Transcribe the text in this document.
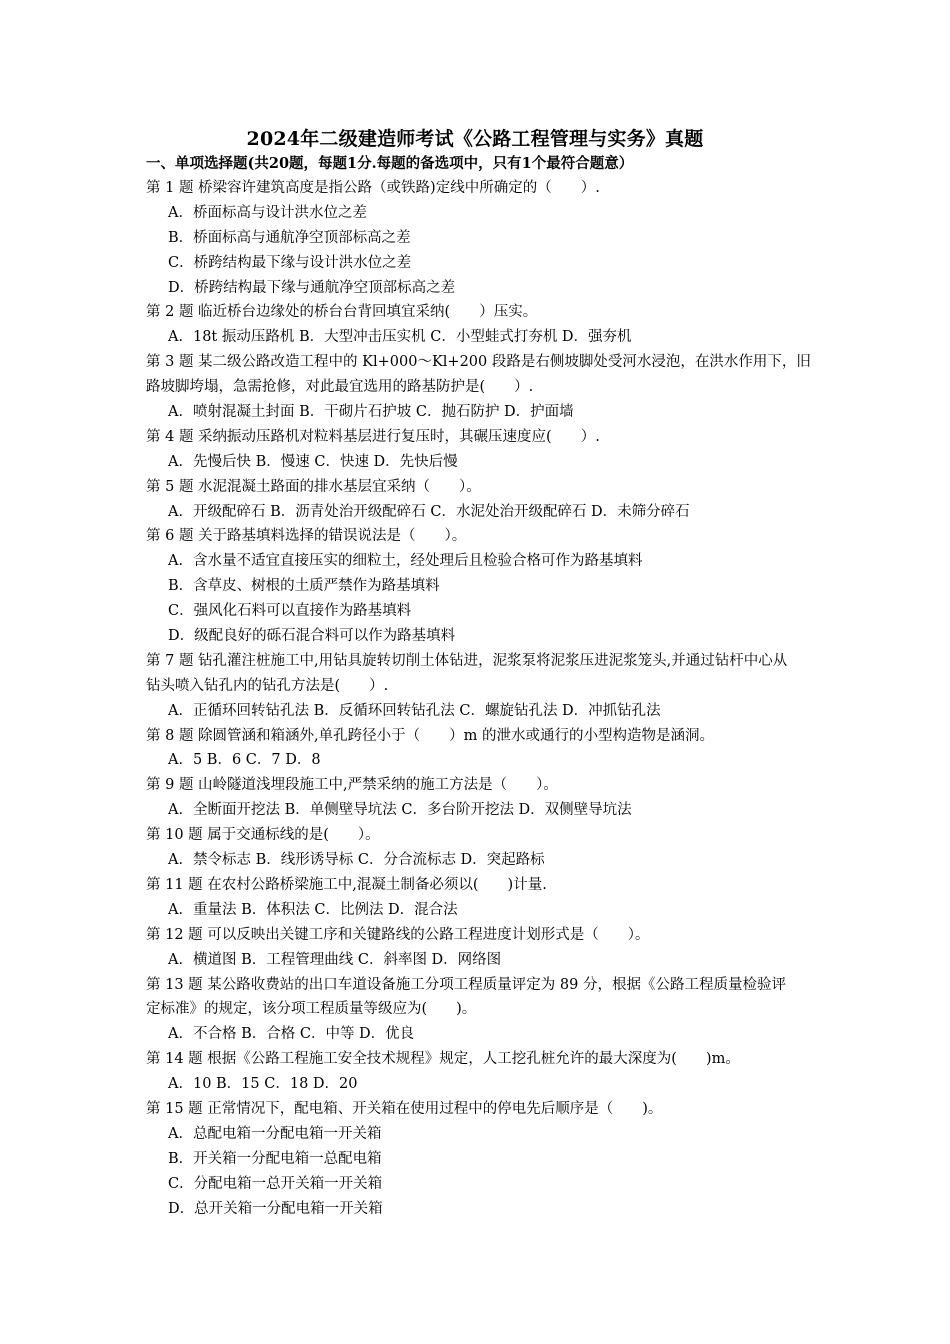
2024年二级建造师考试《公路工程管理与实务》真题
一、单项选择题(共20题，每题1分.每题的备选项中，只有1个最符合题意）
第 1 题 桥梁容许建筑高度是指公路（或铁路)定线中所确定的（　　）.
A．桥面标高与设计洪水位之差
B．桥面标高与通航净空顶部标高之差
C．桥跨结构最下缘与设计洪水位之差
D．桥跨结构最下缘与通航净空顶部标高之差
第 2 题 临近桥台边缘处的桥台台背回填宜采纳(　　）压实。
A．18t 振动压路机 B．大型冲击压实机 C．小型蛙式打夯机 D．强夯机
第 3 题 某二级公路改造工程中的 Kl+000～Kl+200 段路是右侧坡脚处受河水浸泡，在洪水作用下，旧
路坡脚垮塌，急需抢修，对此最宜选用的路基防护是(　　）.
A．喷射混凝土封面 B．干砌片石护坡 C．抛石防护 D．护面墙
第 4 题 采纳振动压路机对粒料基层进行复压时，其碾压速度应(　　）.
A．先慢后快 B．慢速 C．快速 D．先快后慢
第 5 题 水泥混凝土路面的排水基层宜采纳（　　）。
A．开级配碎石 B．沥青处治开级配碎石 C．水泥处治开级配碎石 D．未筛分碎石
第 6 题 关于路基填料选择的错误说法是（　　）。
A．含水量不适宜直接压实的细粒土，经处理后且检验合格可作为路基填料
B．含草皮、树根的土质严禁作为路基填料
C．强风化石料可以直接作为路基填料
D．级配良好的砾石混合料可以作为路基填料
第 7 题 钻孔灌注桩施工中,用钻具旋转切削土体钻进，泥浆泵将泥浆压进泥浆笼头,并通过钻杆中心从
钻头喷入钻孔内的钻孔方法是(　　）.
A．正循环回转钻孔法 B．反循环回转钻孔法 C．螺旋钻孔法 D．冲抓钻孔法
第 8 题 除圆管涵和箱涵外,单孔跨径小于（　　）m 的泄水或通行的小型构造物是涵洞。
A．5 B．6 C．7 D．8
第 9 题 山岭隧道浅埋段施工中,严禁采纳的施工方法是（　　）。
A．全断面开挖法 B．单侧壁导坑法 C．多台阶开挖法 D．双侧壁导坑法
第 10 题 属于交通标线的是(　　）。
A．禁令标志 B．线形诱导标 C．分合流标志 D．突起路标
第 11 题 在农村公路桥梁施工中,混凝土制备必须以(　　)计量.
A．重量法 B．体积法 C．比例法 D．混合法
第 12 题 可以反映出关键工序和关键路线的公路工程进度计划形式是（　　）。
A．横道图 B．工程管理曲线 C．斜率图 D．网络图
第 13 题 某公路收费站的出口车道设备施工分项工程质量评定为 89 分，根据《公路工程质量检验评
定标准》的规定，该分项工程质量等级应为(　　)。
A．不合格 B．合格 C．中等 D．优良
第 14 题 根据《公路工程施工安全技术规程》规定，人工挖孔桩允许的最大深度为(　　)m。
A．10 B．15 C．18 D．20
第 15 题 正常情况下，配电箱、开关箱在使用过程中的停电先后顺序是（　　)。
A．总配电箱一分配电箱一开关箱
B．开关箱一分配电箱一总配电箱
C．分配电箱一总开关箱一开关箱
D．总开关箱一分配电箱一开关箱
